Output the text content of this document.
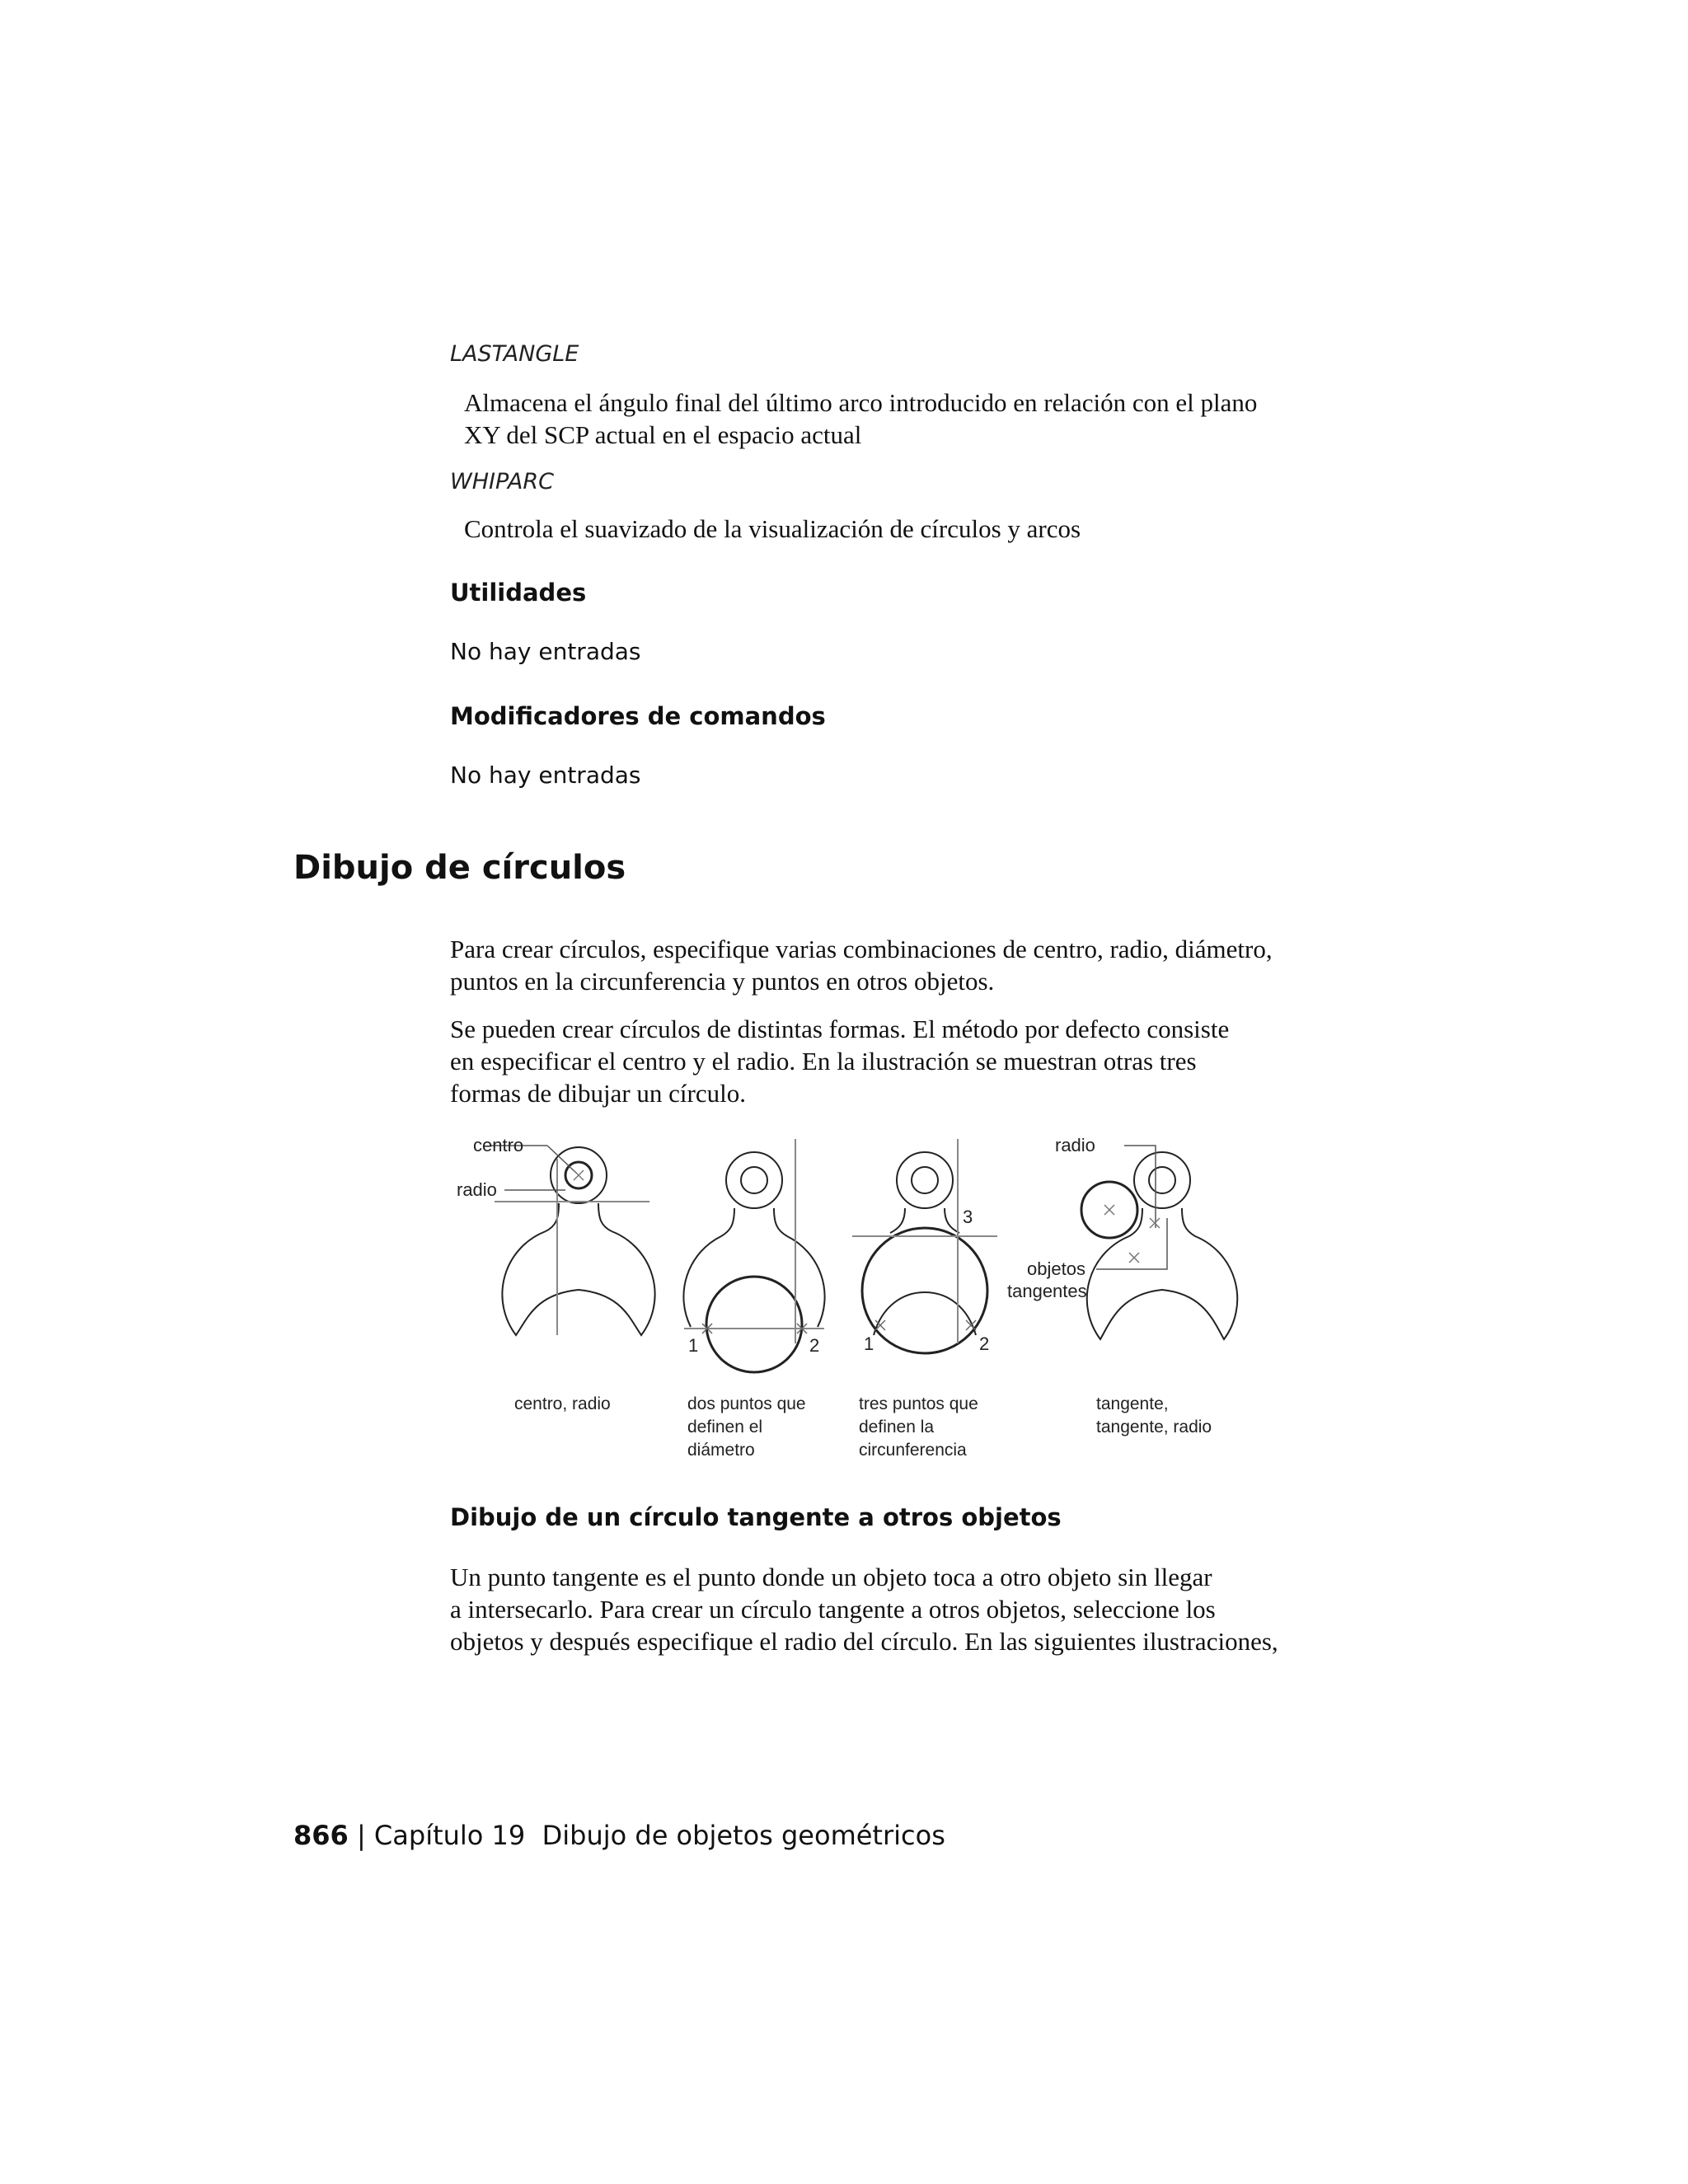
LASTANGLE
Almacena el ángulo final del último arco introducido en relación con el plano
XY del SCP actual en el espacio actual
WHIPARC
Controla el suavizado de la visualización de círculos y arcos
Utilidades
No hay entradas
Modificadores de comandos
No hay entradas
Dibujo de círculos
Para crear círculos, especifique varias combinaciones de centro, radio, diámetro,
puntos en la circunferencia y puntos en otros objetos.
Se pueden crear círculos de distintas formas. El método por defecto consiste
en especificar el centro y el radio. En la ilustración se muestran otras tres
formas de dibujar un círculo.
centro
radio
1	2
3
1	2
radio
objetos
tangentes
centro, radio	dos puntos que
definen el
diámetro
tres puntos que
definen la
circunferencia
tangente,
tangente, radio
Dibujo de un círculo tangente a otros objetos
Un punto tangente es el punto donde un objeto toca a otro objeto sin llegar
a intersecarlo. Para crear un círculo tangente a otros objetos, seleccione los
objetos y después especifique el radio del círculo. En las siguientes ilustraciones,
866 | Capítulo 19 Dibujo de objetos geométricos
